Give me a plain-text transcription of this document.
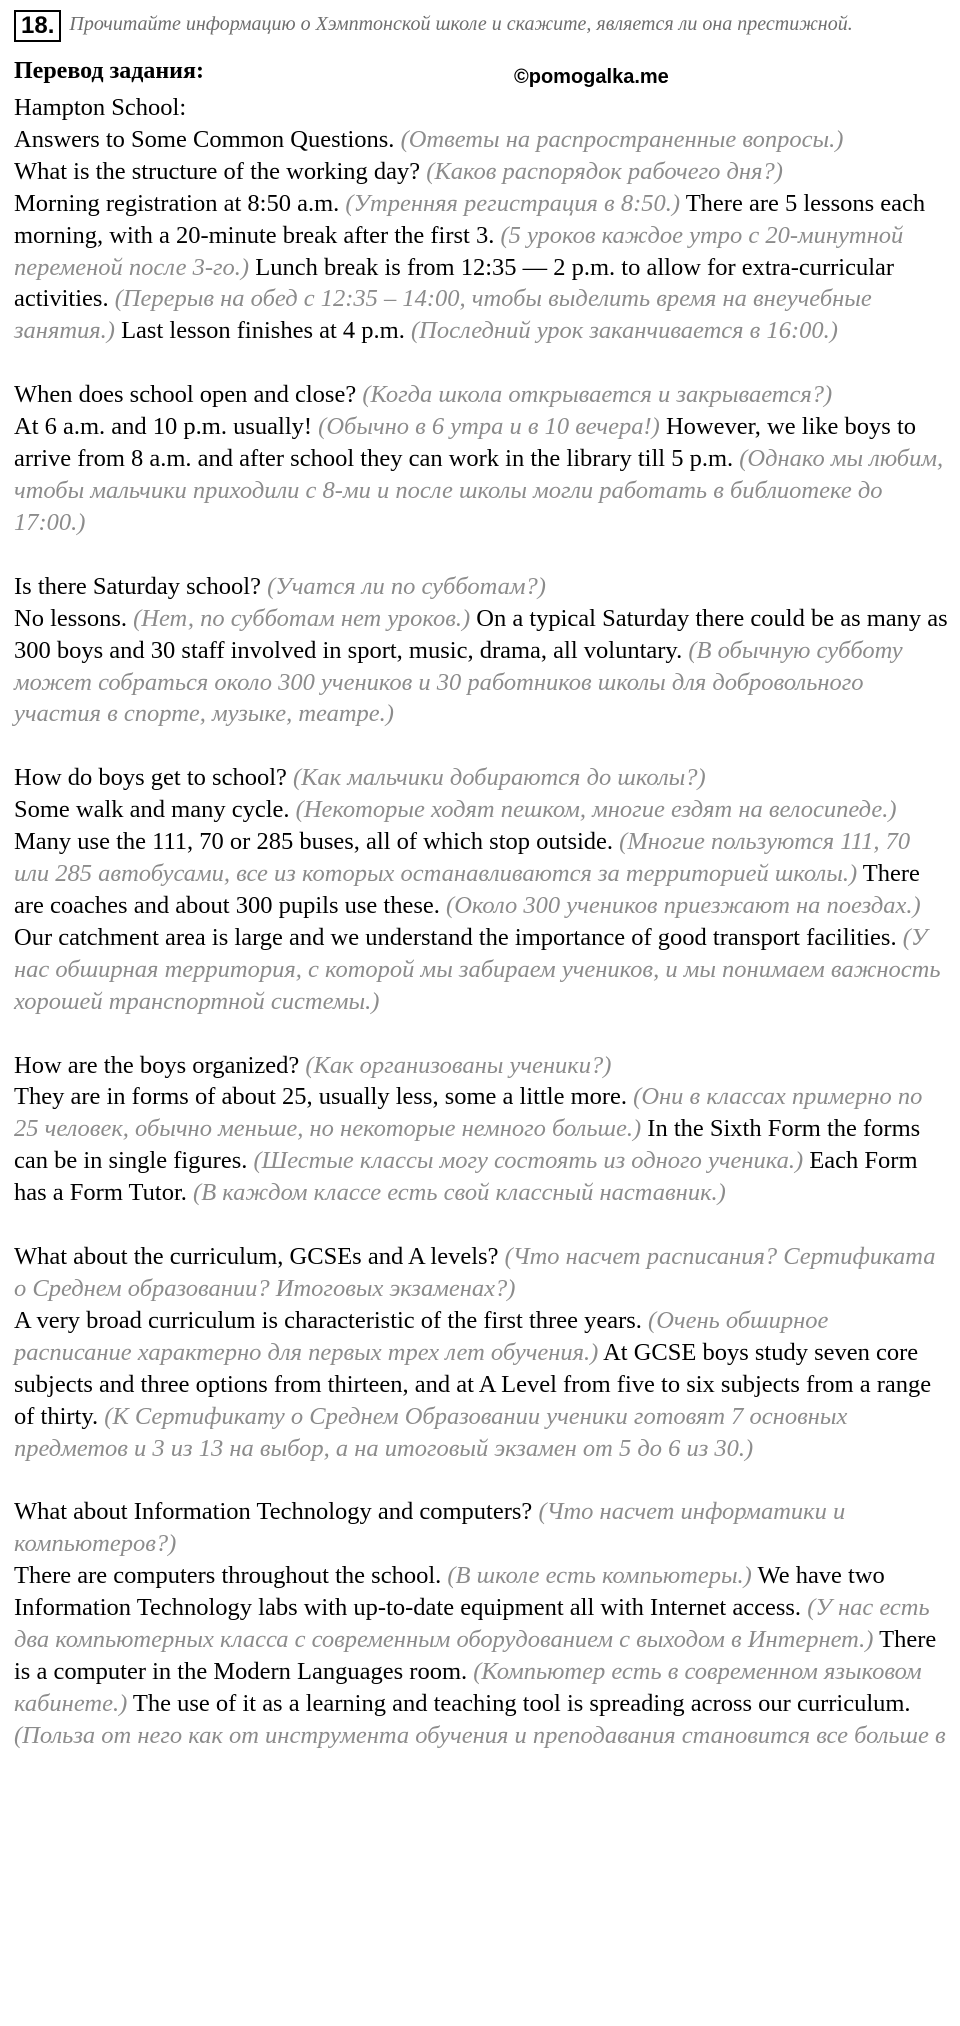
18. Прочитайте информацию о Хэмптонской школе и скажите, является ли она престижной.
Перевод задания:	©pomogalka.me

Hampton School:

Answers to Some Common Questions. (Ответы на распространенные вопросы.)

What is the structure of the working day? (Каков распорядок рабочего дня?)

Morning registration at 8:50 a.m. (Утренняя регистрация в 8:50.) There are 5 lessons each morning, with a 20-minute break after the first 3. (5 уроков каждое утро с 20-минутной переменой после 3-го.) Lunch break is from 12:35 — 2 p.m. to allow for extra-curricular activities. (Перерыв на обед с 12:35 – 14:00, чтобы выделить время на внеучебные занятия.) Last lesson finishes at 4 p.m. (Последний урок заканчивается в 16:00.)

When does school open and close? (Когда школа открывается и закрывается?)

At 6 a.m. and 10 p.m. usually! (Обычно в 6 утра и в 10 вечера!) However, we like boys to arrive from 8 a.m. and after school they can work in the library till 5 p.m. (Однако мы любим, чтобы мальчики приходили с 8-ми и после школы могли работать в библиотеке до 17:00.)

Is there Saturday school? (Учатся ли по субботам?)

No lessons. (Нет, по субботам нет уроков.) On a typical Saturday there could be as many as 300 boys and 30 staff involved in sport, music, drama, all voluntary. (В обычную субботу может собраться около 300 учеников и 30 работников школы для добровольного участия в спорте, музыке, театре.)

How do boys get to school? (Как мальчики добираются до школы?)

Some walk and many cycle. (Некоторые ходят пешком, многие ездят на велосипеде.) Many use the 111, 70 or 285 buses, all of which stop outside. (Многие пользуются 111, 70 или 285 автобусами, все из которых останавливаются за территорией школы.) There are coaches and about 300 pupils use these. (Около 300 учеников приезжают на поездах.) Our catchment area is large and we understand the importance of good transport facilities. (У нас обширная территория, с которой мы забираем учеников, и мы понимаем важность хорошей транспортной системы.)

How are the boys organized? (Как организованы ученики?)

They are in forms of about 25, usually less, some a little more. (Они в классах примерно по 25 человек, обычно меньше, но некоторые немного больше.) In the Sixth Form the forms can be in single figures. (Шестые классы могу состоять из одного ученика.) Each Form has a Form Tutor. (В каждом классе есть свой классный наставник.)

What about the curriculum, GCSEs and A levels? (Что насчет расписания? Сертификата о Среднем образовании? Итоговых экзаменах?)

A very broad curriculum is characteristic of the first three years. (Очень обширное расписание характерно для первых трех лет обучения.) At GCSE boys study seven core subjects and three options from thirteen, and at A Level from five to six subjects from a range of thirty. (К Сертификату о Среднем Образовании ученики готовят 7 основных предметов и 3 из 13 на выбор, а на итоговый экзамен от 5 до 6 из 30.)

What about Information Technology and computers? (Что насчет информатики и компьютеров?)

There are computers throughout the school. (В школе есть компьютеры.) We have two Information Technology labs with up-to-date equipment all with Internet access. (У нас есть два компьютерных класса с современным оборудованием с выходом в Интернет.) There is a computer in the Modern Languages room. (Компьютер есть в современном языковом кабинете.) The use of it as a learning and teaching tool is spreading across our curriculum. (Польза от него как от инструмента обучения и преподавания становится все больше в
